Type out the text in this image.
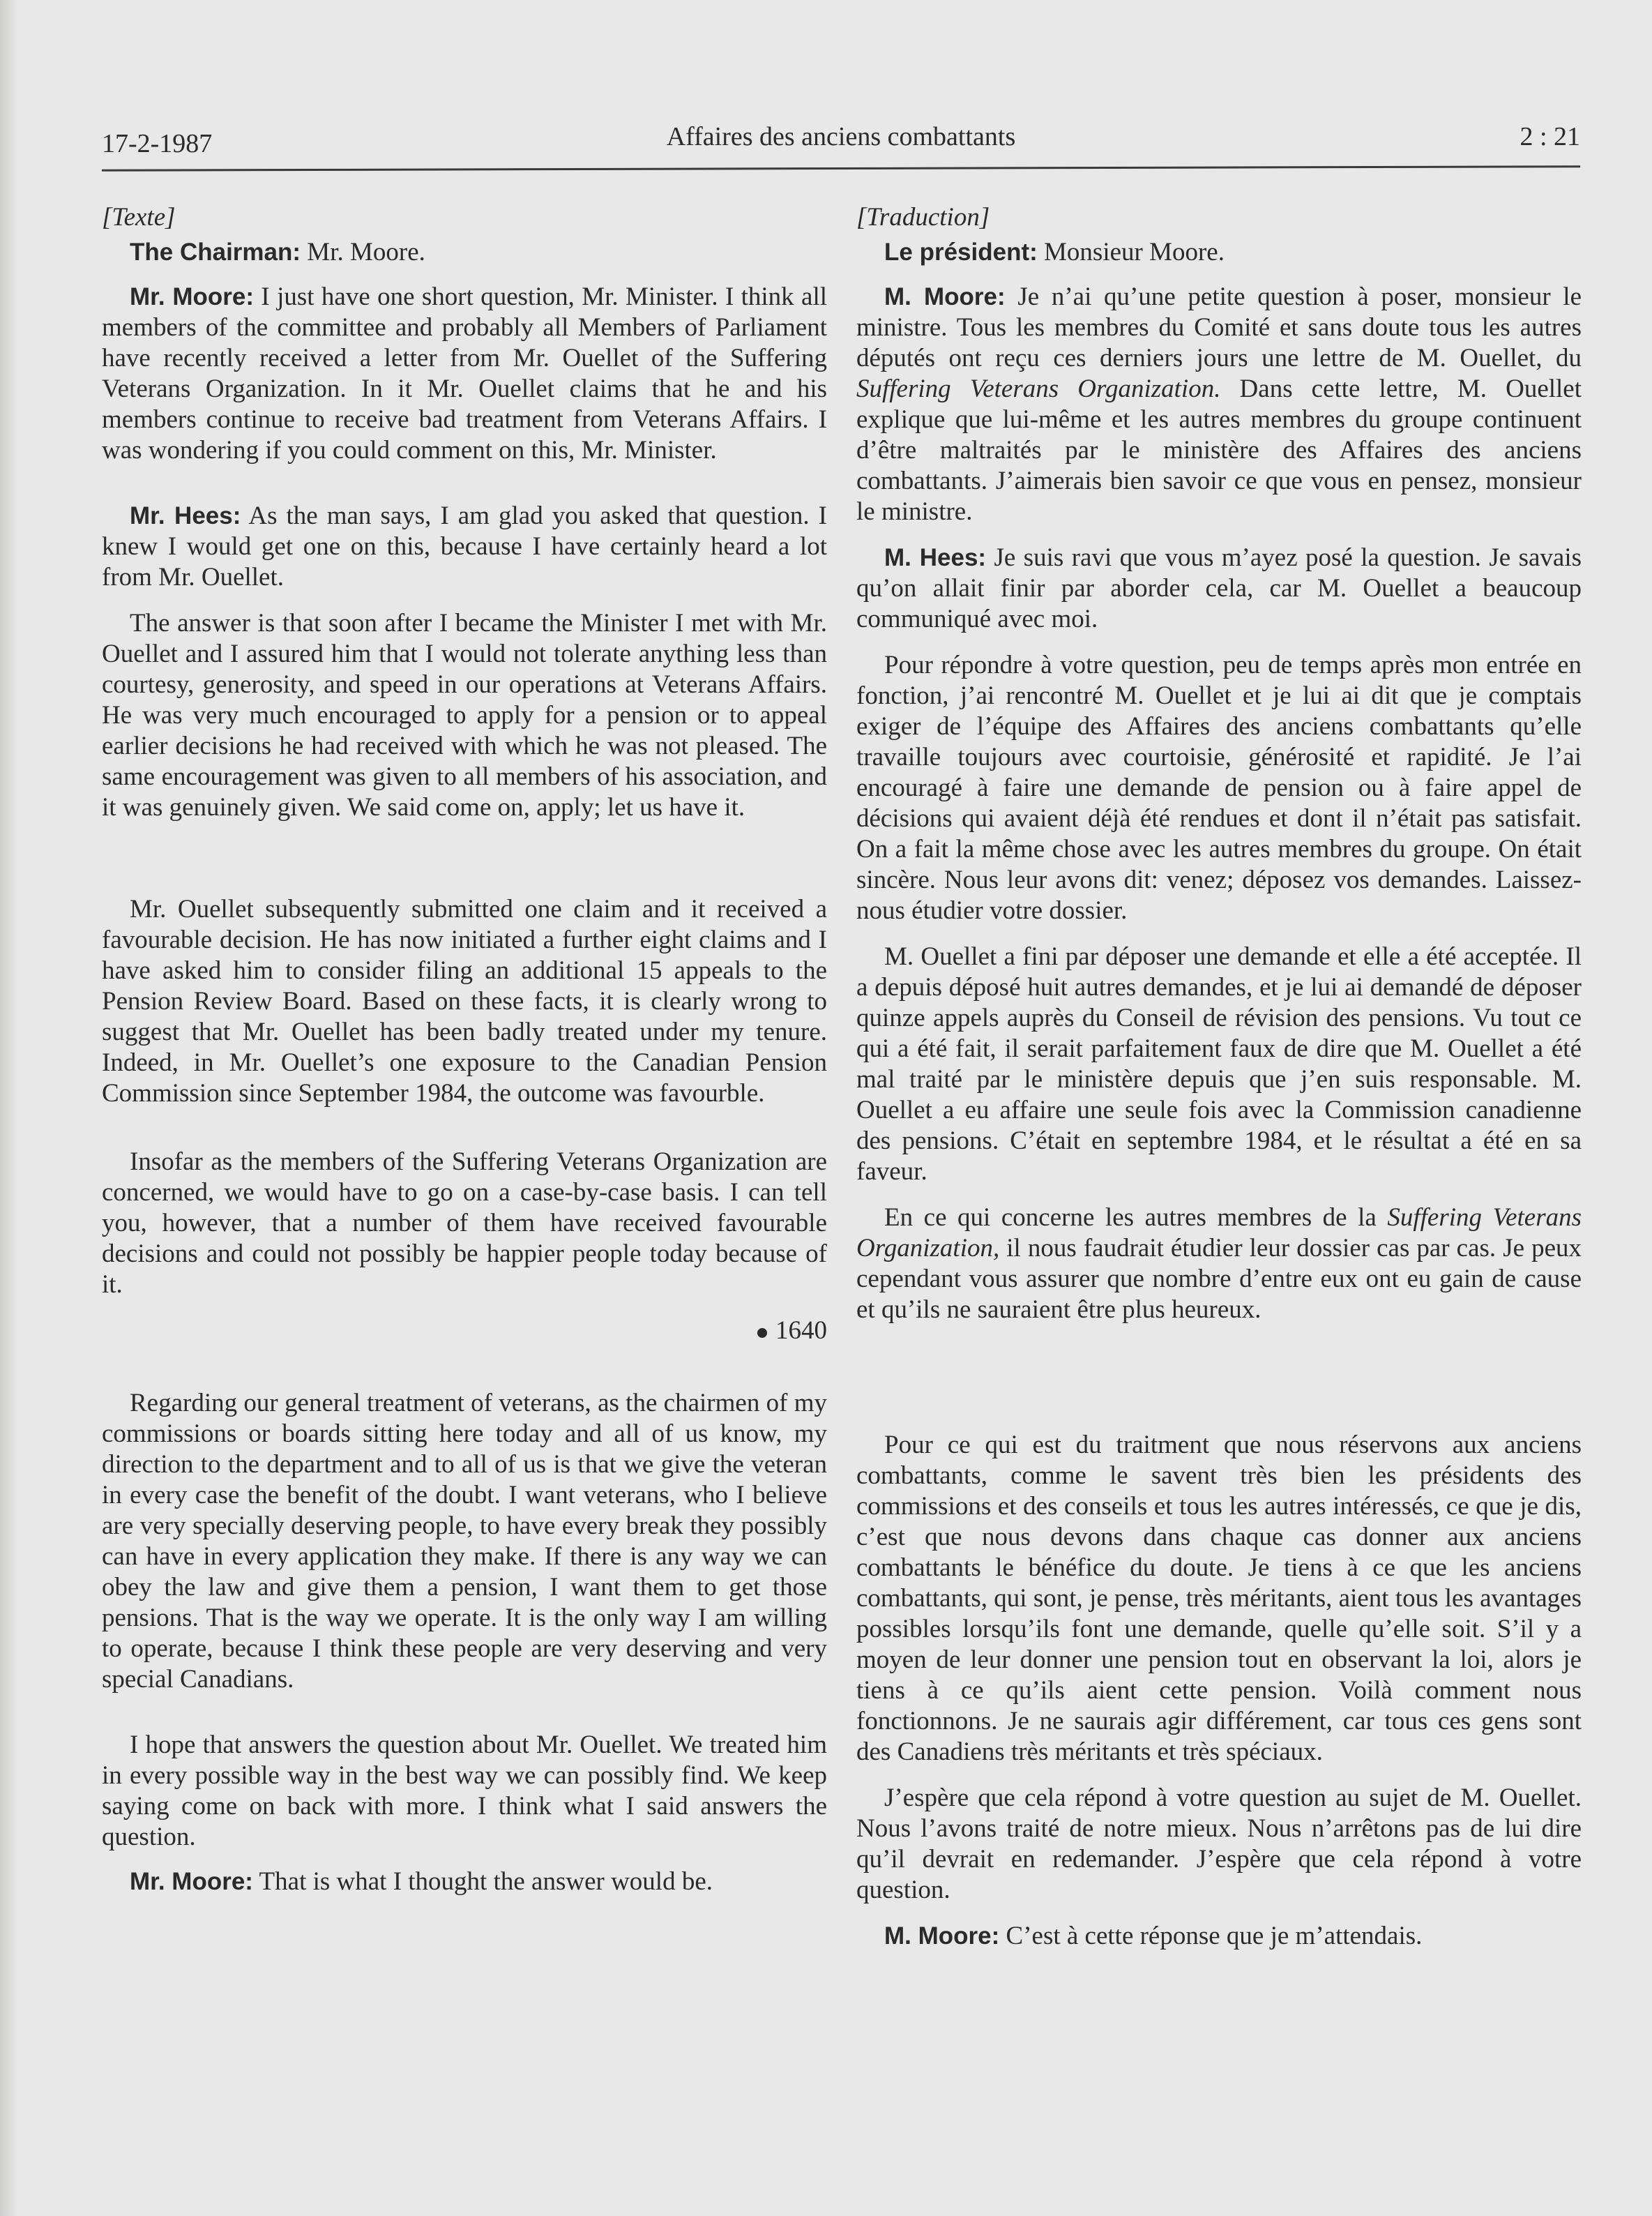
17-2-1987	Affaires des anciens combattants	2 : 21

[Texte]

The Chairman: Mr. Moore.

Mr. Moore: I just have one short question, Mr. Minister. I think all members of the committee and probably all Members of Parliament have recently received a letter from Mr. Ouellet of the Suffering Veterans Organization. In it Mr. Ouellet claims that he and his members continue to receive bad treatment from Veterans Affairs. I was wondering if you could comment on this, Mr. Minister.

Mr. Hees: As the man says, I am glad you asked that question. I knew I would get one on this, because I have certainly heard a lot from Mr. Ouellet.

The answer is that soon after I became the Minister I met with Mr. Ouellet and I assured him that I would not tolerate anything less than courtesy, generosity, and speed in our operations at Veterans Affairs. He was very much encouraged to apply for a pension or to appeal earlier decisions he had received with which he was not pleased. The same encouragement was given to all members of his association, and it was genuinely given. We said come on, apply; let us have it.

Mr. Ouellet subsequently submitted one claim and it received a favourable decision. He has now initiated a further eight claims and I have asked him to consider filing an additional 15 appeals to the Pension Review Board. Based on these facts, it is clearly wrong to suggest that Mr. Ouellet has been badly treated under my tenure. Indeed, in Mr. Ouellet’s one exposure to the Canadian Pension Commission since September 1984, the outcome was favourble.

Insofar as the members of the Suffering Veterans Organization are concerned, we would have to go on a case-by-case basis. I can tell you, however, that a number of them have received favourable decisions and could not possibly be happier people today because of it.

1640

Regarding our general treatment of veterans, as the chairmen of my commissions or boards sitting here today and all of us know, my direction to the department and to all of us is that we give the veteran in every case the benefit of the doubt. I want veterans, who I believe are very specially deserving people, to have every break they possibly can have in every application they make. If there is any way we can obey the law and give them a pension, I want them to get those pensions. That is the way we operate. It is the only way I am willing to operate, because I think these people are very deserving and very special Canadians.

I hope that answers the question about Mr. Ouellet. We treated him in every possible way in the best way we can possibly find. We keep saying come on back with more. I think what I said answers the question.

Mr. Moore: That is what I thought the answer would be.

[Traduction]

Le président: Monsieur Moore.

M. Moore: Je n’ai qu’une petite question à poser, monsieur le ministre. Tous les membres du Comité et sans doute tous les autres députés ont reçu ces derniers jours une lettre de M. Ouellet, du Suffering Veterans Organization. Dans cette lettre, M. Ouellet explique que lui-même et les autres membres du groupe continuent d’être maltraités par le ministère des Affaires des anciens combattants. J’aimerais bien savoir ce que vous en pensez, monsieur le ministre.

M. Hees: Je suis ravi que vous m’ayez posé la question. Je savais qu’on allait finir par aborder cela, car M. Ouellet a beaucoup communiqué avec moi.

Pour répondre à votre question, peu de temps après mon entrée en fonction, j’ai rencontré M. Ouellet et je lui ai dit que je comptais exiger de l’équipe des Affaires des anciens combattants qu’elle travaille toujours avec courtoisie, générosité et rapidité. Je l’ai encouragé à faire une demande de pension ou à faire appel de décisions qui avaient déjà été rendues et dont il n’était pas satisfait. On a fait la même chose avec les autres membres du groupe. On était sincère. Nous leur avons dit: venez; déposez vos demandes. Laissez-nous étudier votre dossier.

M. Ouellet a fini par déposer une demande et elle a été acceptée. Il a depuis déposé huit autres demandes, et je lui ai demandé de déposer quinze appels auprès du Conseil de révision des pensions. Vu tout ce qui a été fait, il serait parfaitement faux de dire que M. Ouellet a été mal traité par le ministère depuis que j’en suis responsable. M. Ouellet a eu affaire une seule fois avec la Commission canadienne des pensions. C’était en septembre 1984, et le résultat a été en sa faveur.

En ce qui concerne les autres membres de la Suffering Veterans Organization, il nous faudrait étudier leur dossier cas par cas. Je peux cependant vous assurer que nombre d’entre eux ont eu gain de cause et qu’ils ne sauraient être plus heureux.

Pour ce qui est du traitment que nous réservons aux anciens combattants, comme le savent très bien les présidents des commissions et des conseils et tous les autres intéressés, ce que je dis, c’est que nous devons dans chaque cas donner aux anciens combattants le bénéfice du doute. Je tiens à ce que les anciens combattants, qui sont, je pense, très méritants, aient tous les avantages possibles lorsqu’ils font une demande, quelle qu’elle soit. S’il y a moyen de leur donner une pension tout en observant la loi, alors je tiens à ce qu’ils aient cette pension. Voilà comment nous fonctionnons. Je ne saurais agir différement, car tous ces gens sont des Canadiens très méritants et très spéciaux.

J’espère que cela répond à votre question au sujet de M. Ouellet. Nous l’avons traité de notre mieux. Nous n’arrêtons pas de lui dire qu’il devrait en redemander. J’espère que cela répond à votre question.

M. Moore: C’est à cette réponse que je m’attendais.
